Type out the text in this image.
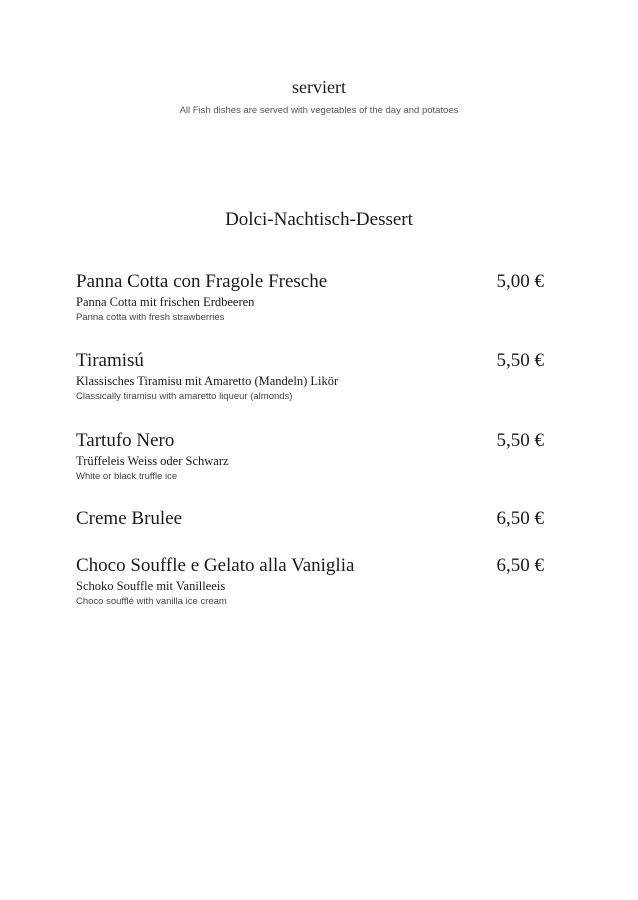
serviert
All Fish dishes are served with vegetables of the day and potatoes
Dolci-Nachtisch-Dessert
Panna Cotta con Fragole Fresche	5,00 €
Panna Cotta mit frischen Erdbeeren
Panna cotta with fresh strawberries
Tiramisú	5,50 €
Klassisches Tiramisu mit Amaretto (Mandeln) Likör
Classically tiramisu with amaretto liqueur (almonds)
Tartufo Nero	5,50 €
Trüffeleis Weiss oder Schwarz
White or black truffle ice
Creme Brulee	6,50 €
Choco Souffle e Gelato alla Vaniglia	6,50 €
Schoko Souffle mit Vanilleeis
Choco soufflé with vanilla ice cream
